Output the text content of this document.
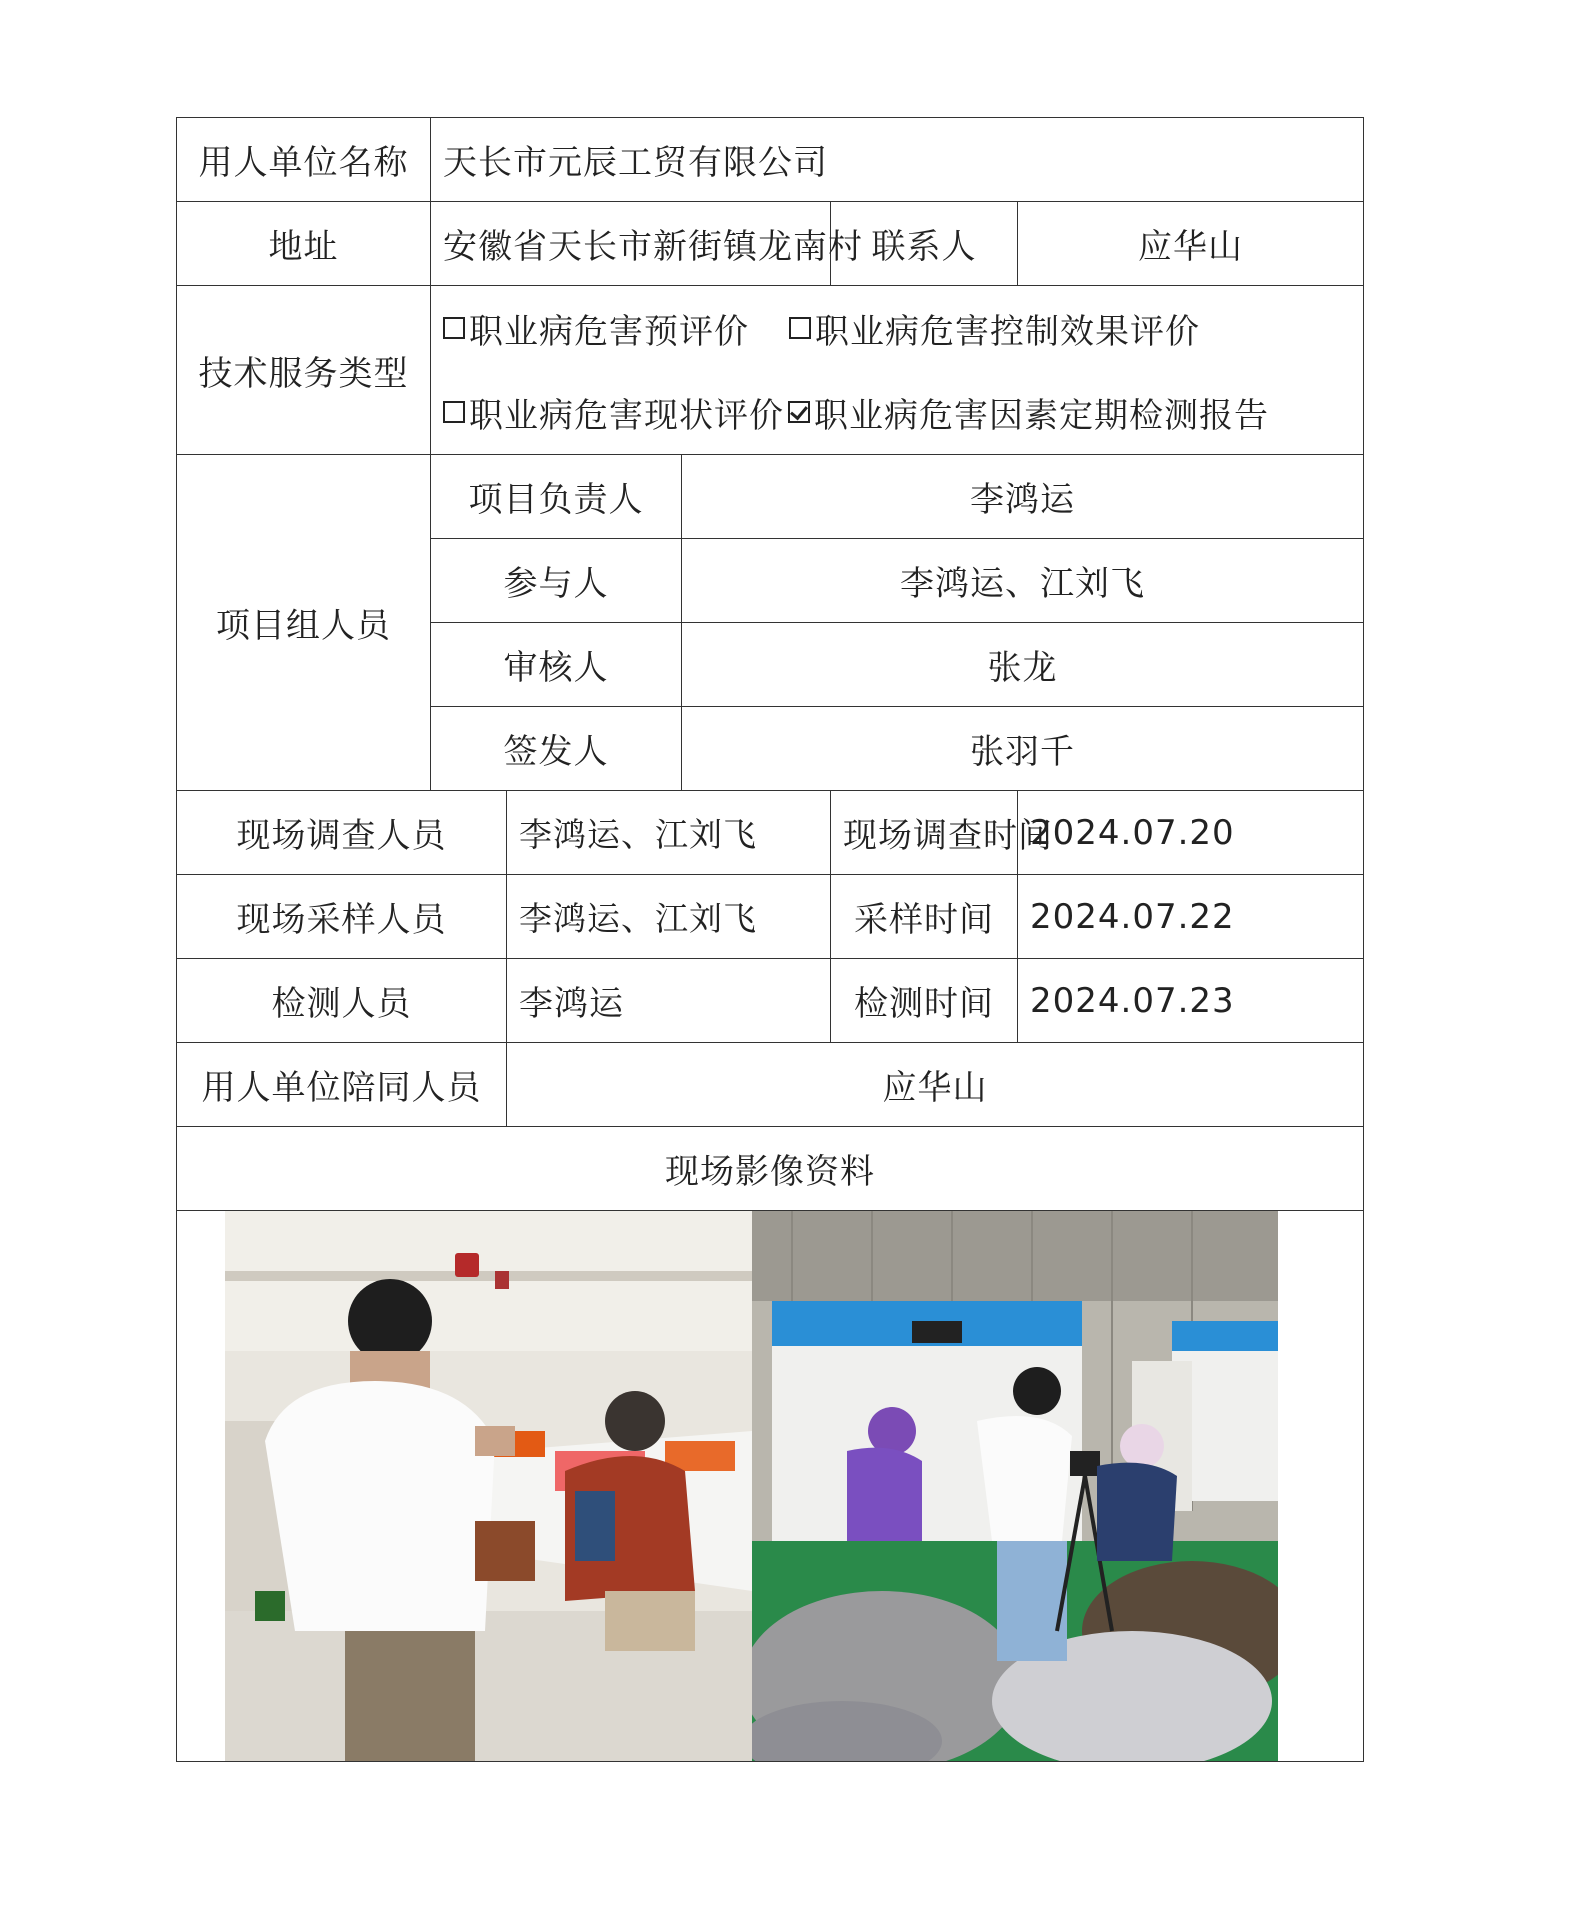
用人单位名称	天长市元辰工贸有限公司				
地址	安徽省天长市新街镇龙南村			联系人	应华山
技术服务类型	职业病危害预评价 职业病危害控制效果评价
职业病危害现状评价 职业病危害因素定期检测报告				

项目组人员	项目负责人		李鸿运		
	参与人		李鸿运、江刘飞		
	审核人		张龙		
	签发人		张羽千		
现场调查人员		李鸿运、江刘飞		现场调查时间	2024.07.20
现场采样人员		李鸿运、江刘飞		采样时间	2024.07.22
检测人员		李鸿运		检测时间	2024.07.23
用人单位陪同人员		应华山			
现场影像资料					
